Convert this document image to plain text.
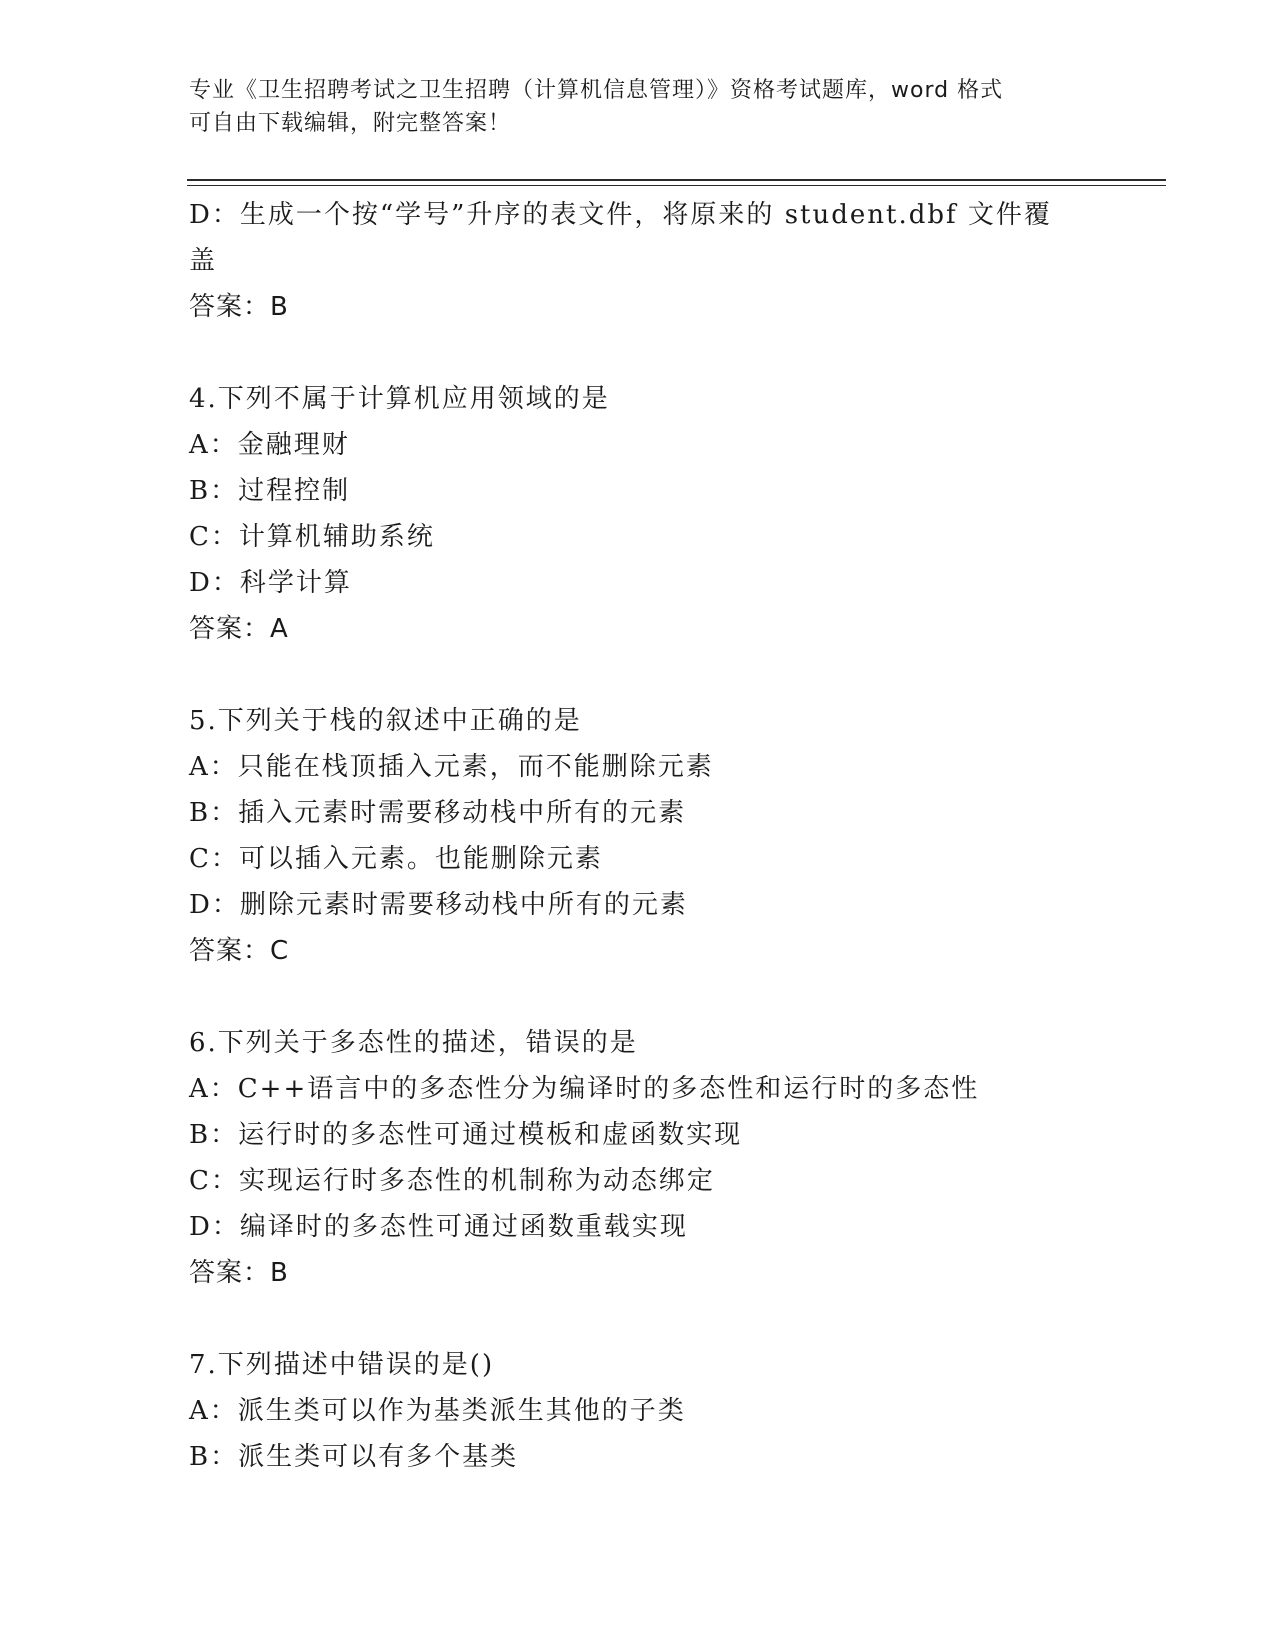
专业《卫生招聘考试之卫生招聘（计算机信息管理）》资格考试题库，word 格式
可自由下载编辑，附完整答案！
D：生成一个按“学号”升序的表文件，将原来的 student.dbf 文件覆
盖
答案：B
4.下列不属于计算机应用领域的是
A：金融理财
B：过程控制
C：计算机辅助系统
D：科学计算
答案：A
5.下列关于栈的叙述中正确的是
A：只能在栈顶插入元素，而不能删除元素
B：插入元素时需要移动栈中所有的元素
C：可以插入元素。也能删除元素
D：删除元素时需要移动栈中所有的元素
答案：C
6.下列关于多态性的描述，错误的是
A：C++语言中的多态性分为编译时的多态性和运行时的多态性
B：运行时的多态性可通过模板和虚函数实现
C：实现运行时多态性的机制称为动态绑定
D：编译时的多态性可通过函数重载实现
答案：B
7.下列描述中错误的是()
A：派生类可以作为基类派生其他的子类
B：派生类可以有多个基类
